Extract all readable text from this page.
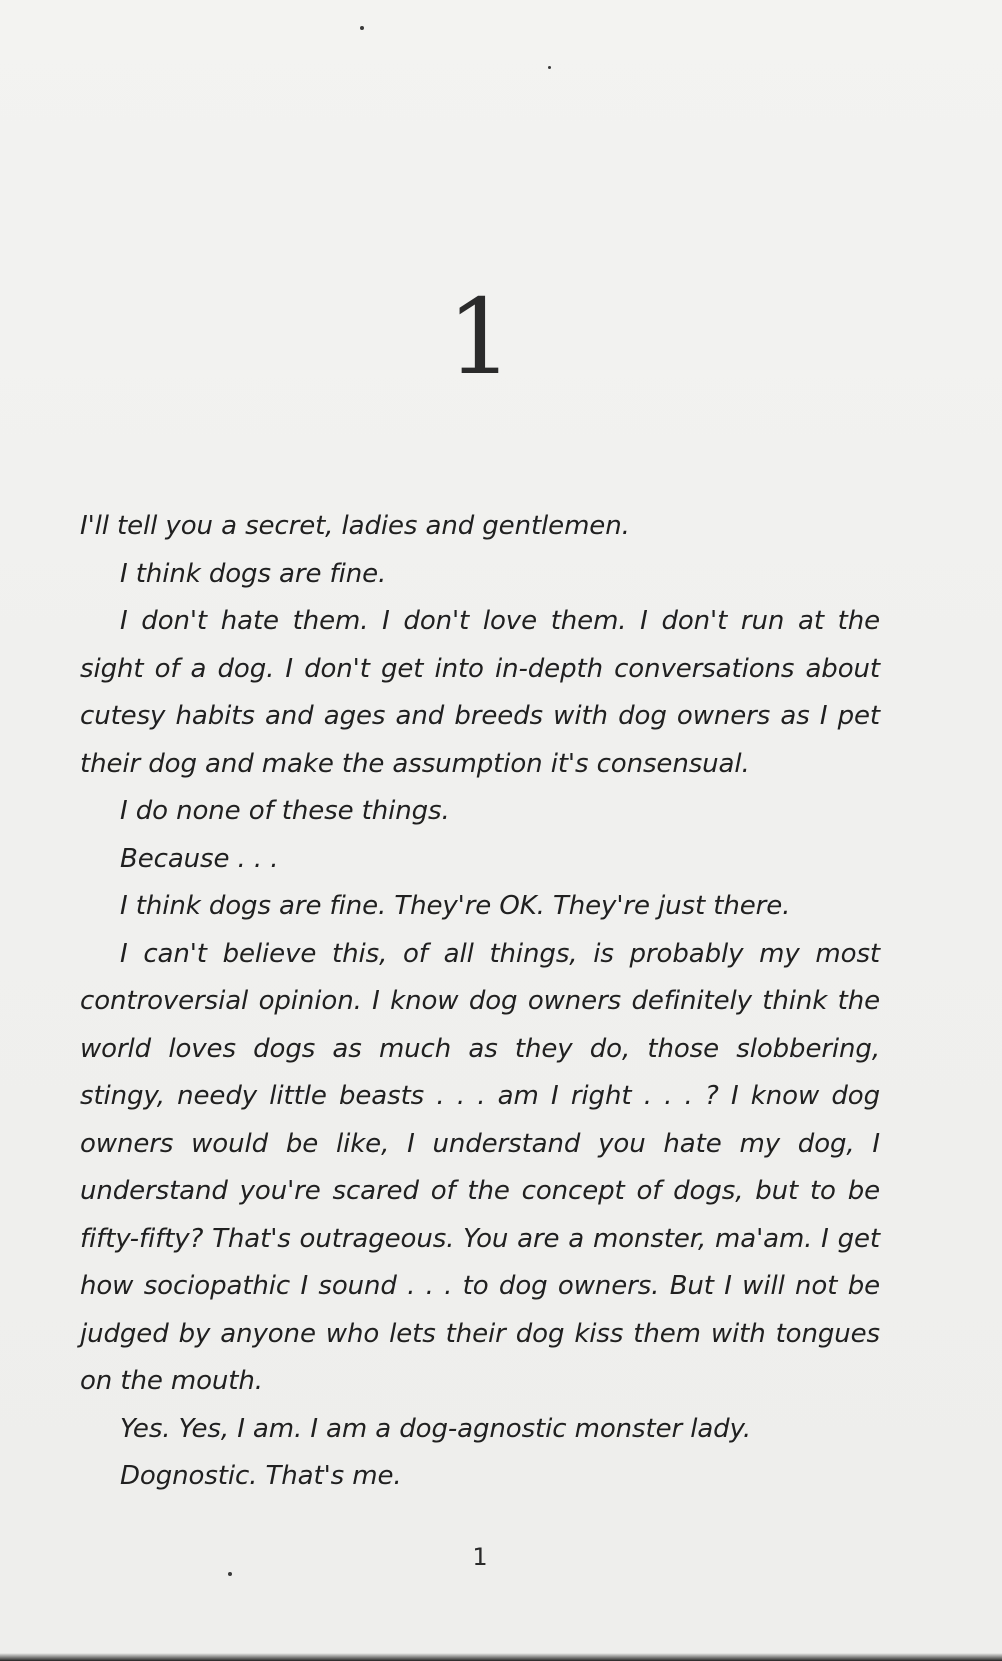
1

I'll tell you a secret, ladies and gentlemen.

I think dogs are fine.

I don't hate them. I don't love them. I don't run at the sight of a dog. I don't get into in-depth conversations about cutesy habits and ages and breeds with dog owners as I pet their dog and make the assumption it's consensual.

I do none of these things.

Because . . .

I think dogs are fine. They're OK. They're just there.

I can't believe this, of all things, is probably my most controversial opinion. I know dog owners definitely think the world loves dogs as much as they do, those slobbering, stingy, needy little beasts . . . am I right . . . ? I know dog owners would be like, I understand you hate my dog, I understand you're scared of the concept of dogs, but to be fifty-fifty? That's outrageous. You are a monster, ma'am. I get how sociopathic I sound . . . to dog owners. But I will not be judged by anyone who lets their dog kiss them with tongues on the mouth.

Yes. Yes, I am. I am a dog-agnostic monster lady.

Dognostic. That's me.

1
